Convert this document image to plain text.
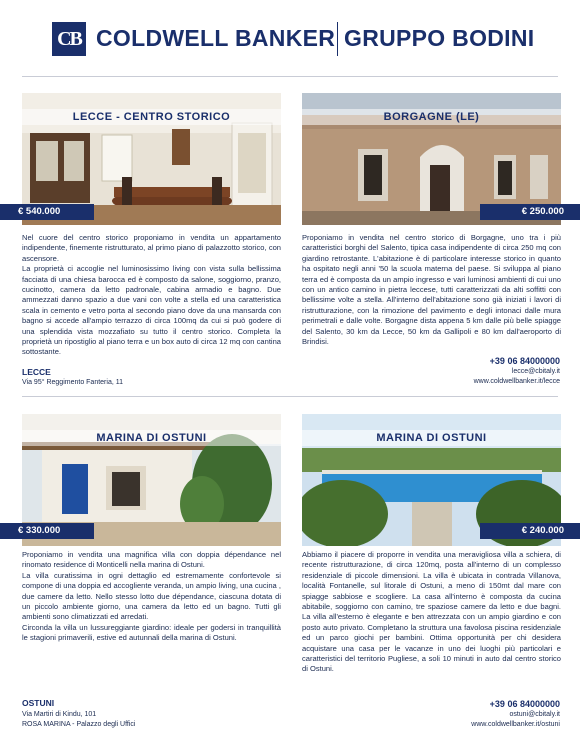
CB COLDWELL BANKER GRUPPO BODINI
LECCE - CENTRO STORICO
€ 540.000

Nel cuore del centro storico proponiamo in vendita un appartamento indipendente, finemente ristrutturato, al primo piano di palazzotto storico, con ascensore.

La proprietà ci accoglie nel luminosissimo living con vista sulla bellissima facciata di una chiesa barocca ed è composto da salone, soggiorno, pranzo, cucinotto, camera da letto padronale, cabina armadio e bagno. Due ammezzati danno spazio a due vani con volte a stella ed una caratteristica scala in cemento e vetro porta al secondo piano dove da una mansarda con bagno si accede all'ampio terrazzo di circa 100mq da cui si può godere di una splendida vista mozzafiato su tutto il centro storico. Completa la proprietà un ripostiglio al piano terra e un box auto di circa 12 mq con cantina sottostante.

BORGAGNE (LE)
€ 250.000

Proponiamo in vendita nel centro storico di Borgagne, uno tra i più caratteristici borghi del Salento, tipica casa indipendente di circa 250 mq con giardino retrostante. L'abitazione è di particolare interesse storico in quanto ha ospitato negli anni '50 la scuola materna del paese. Si sviluppa al piano terra ed è composta da un ampio ingresso e vari luminosi ambienti di cui uno con un antico camino in pietra leccese, tutti caratterizzati da alti soffitti con bellissime volte a stella. All'interno dell'abitazione sono già iniziati i lavori di ristrutturazione, con la rimozione del pavimento e degli intonaci dalle mura perimetrali e dalle volte. Borgagne dista appena 5 km dalle più belle spiagge del Salento, 30 km da Lecce, 50 km da Gallipoli e 80 km dall'aeroporto di Brindisi.

LECCE
Via 95° Reggimento Fanteria, 11
+39 06 84000000
lecce@cbitaly.it
www.coldwellbanker.it/lecce
MARINA DI OSTUNI
€ 330.000

Proponiamo in vendita una magnifica villa con doppia dépendance nel rinomato residence di Monticelli nella marina di Ostuni.

La villa curatissima in ogni dettaglio ed estremamente confortevole si compone di una doppia ed accogliente veranda, un ampio living, una cucina , due camere da letto. Nello stesso lotto due dépendance, ciascuna dotata di un piccolo ambiente giorno, una camera da letto ed un bagno. Tutti gli ambienti sono climatizzati ed arredati.

Circonda la villa un lussureggiante giardino: ideale per godersi in tranquillità le stagioni primaverili, estive ed autunnali della marina di Ostuni.

MARINA DI OSTUNI
€ 240.000

Abbiamo il piacere di proporre in vendita una meravigliosa villa a schiera, di recente ristrutturazione, di circa 120mq, posta all'interno di un complesso residenziale di piccole dimensioni. La villa è ubicata in contrada Villanova, località Fontanelle, sul litorale di Ostuni, a meno di 150mt dal mare con spiagge sabbiose e scogliere. La casa all'interno è composta da cucina abitabile, soggiorno con camino, tre spaziose camere da letto e due bagni. La villa all'esterno è elegante e ben attrezzata con un ampio giardino e con posto auto privato. Completano la struttura una favolosa piscina residenziale ed un parco giochi per bambini. Ottima opportunità per chi desidera acquistare una casa per le vacanze in uno dei luoghi più particolari e caratteristici del territorio Pugliese, a soli 10 minuti in auto dal centro storico di Ostuni.

OSTUNI
Via Martiri di Kindu, 101
ROSA MARINA - Palazzo degli Uffici
+39 06 84000000
ostuni@cbitaly.it
www.coldwellbanker.it/ostuni
